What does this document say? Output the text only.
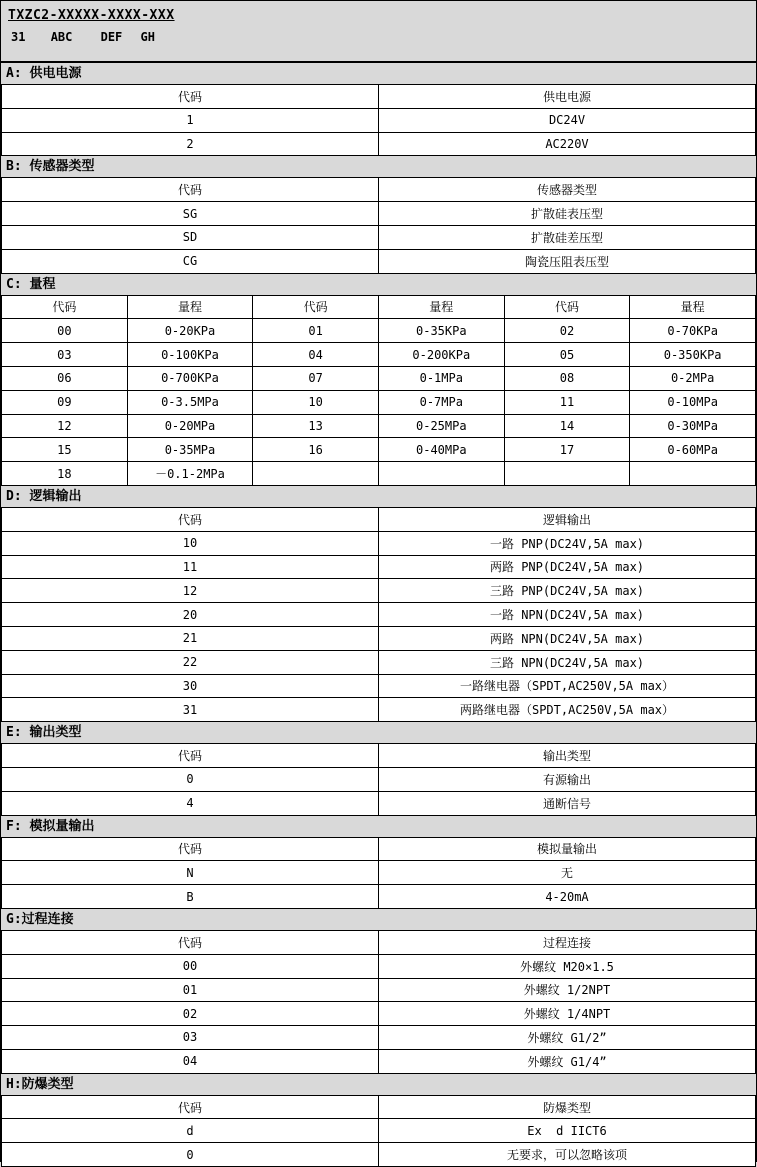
TXZC2-XXXXX-XXXX-XXX
31 ABC DEF GH
A: 供电电源
代码	供电电源
1	DC24V
2	AC220V
B: 传感器类型
代码	传感器类型
SG	扩散硅表压型
SD	扩散硅差压型
CG	陶瓷压阻表压型
C: 量程
代码	量程	代码	量程	代码	量程
00	0-20KPa	01	0-35KPa	02	0-70KPa
03	0-100KPa	04	0-200KPa	05	0-350KPa
06	0-700KPa	07	0-1MPa	08	0-2MPa
09	0-3.5MPa	10	0-7MPa	11	0-10MPa
12	0-20MPa	13	0-25MPa	14	0-30MPa
15	0-35MPa	16	0-40MPa	17	0-60MPa
18	－0.1-2MPa				
D: 逻辑输出
代码	逻辑输出
10	一路 PNP(DC24V,5A max)
11	两路 PNP(DC24V,5A max)
12	三路 PNP(DC24V,5A max)
20	一路 NPN(DC24V,5A max)
21	两路 NPN(DC24V,5A max)
22	三路 NPN(DC24V,5A max)
30	一路继电器（SPDT,AC250V,5A max）
31	两路继电器（SPDT,AC250V,5A max）
E: 输出类型
代码	输出类型
0	有源输出
4	通断信号
F: 模拟量输出
代码	模拟量输出
N	无
B	4-20mA
G:过程连接
代码	过程连接
00	外螺纹 M20×1.5
01	外螺纹 1/2NPT
02	外螺纹 1/4NPT
03	外螺纹 G1/2”
04	外螺纹 G1/4”
H:防爆类型
代码	防爆类型
d	Ex  d IICT6
0	无要求，可以忽略该项
